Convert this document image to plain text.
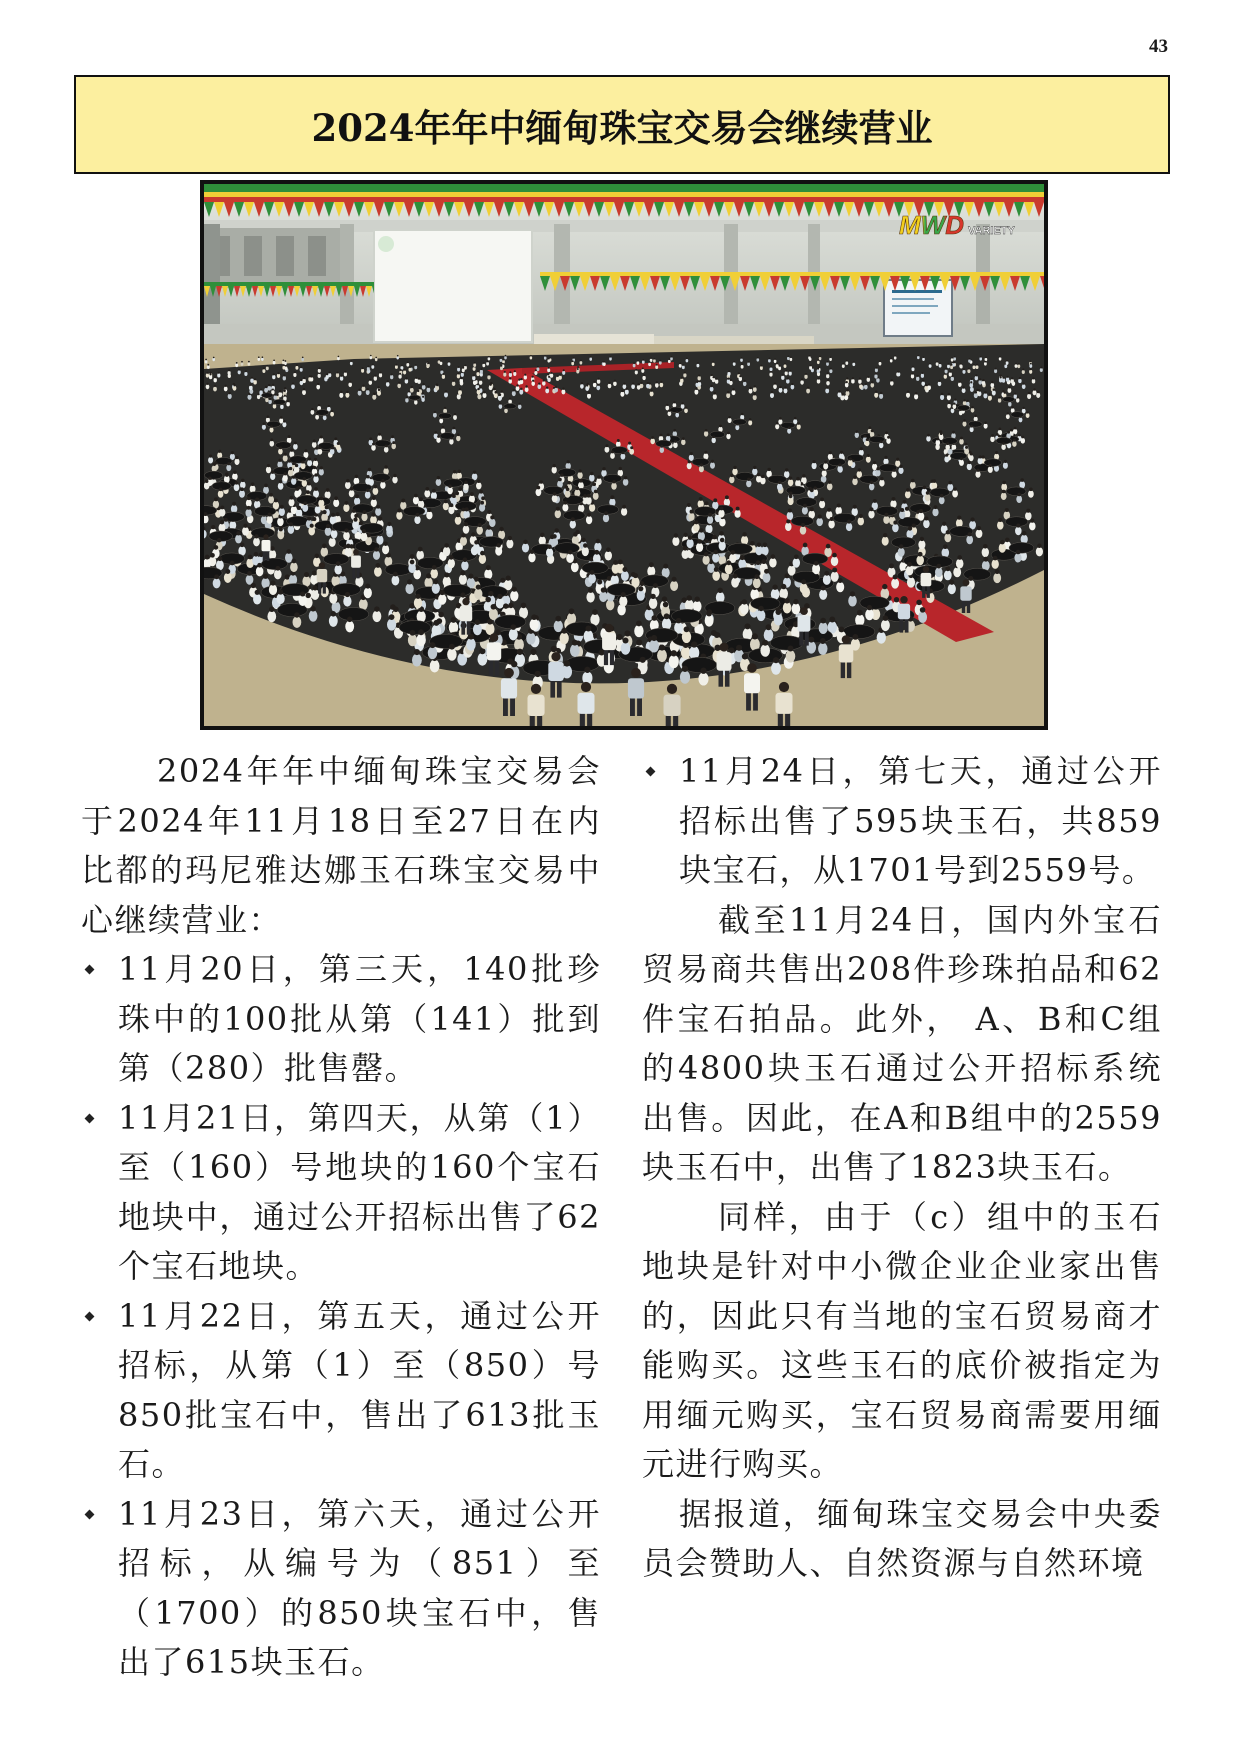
43
2024年年中缅甸珠宝交易会继续营业
MWD VARIETY

2024年年中缅甸珠宝交易会于2024年11月18日至27日在内比都的玛尼雅达娜玉石珠宝交易中心继续营业：

11月20日，第三天，140批珍珠中的100批从第（141）批到第（280）批售罄。
11月21日，第四天，从第（1）至（160）号地块的160个宝石地块中，通过公开招标出售了62个宝石地块。
11月22日，第五天，通过公开招标，从第（1）至（850）号850批宝石中，售出了613批玉石。
11月23日，第六天，通过公开招标，从编号为（851）至（1700）的850块宝石中，售出了615块玉石。
11月24日，第七天，通过公开招标出售了595块玉石，共859块宝石，从1701号到2559号。

截至11月24日，国内外宝石贸易商共售出208件珍珠拍品和62件宝石拍品。此外， A、B和C组的4800块玉石通过公开招标系统出售。因此，在A和B组中的2559块玉石中，出售了1823块玉石。

同样，由于（c）组中的玉石地块是针对中小微企业企业家出售的，因此只有当地的宝石贸易商才能购买。这些玉石的底价被指定为用缅元购买，宝石贸易商需要用缅元进行购买。

据报道，缅甸珠宝交易会中央委员会赞助人、自然资源与自然环境
